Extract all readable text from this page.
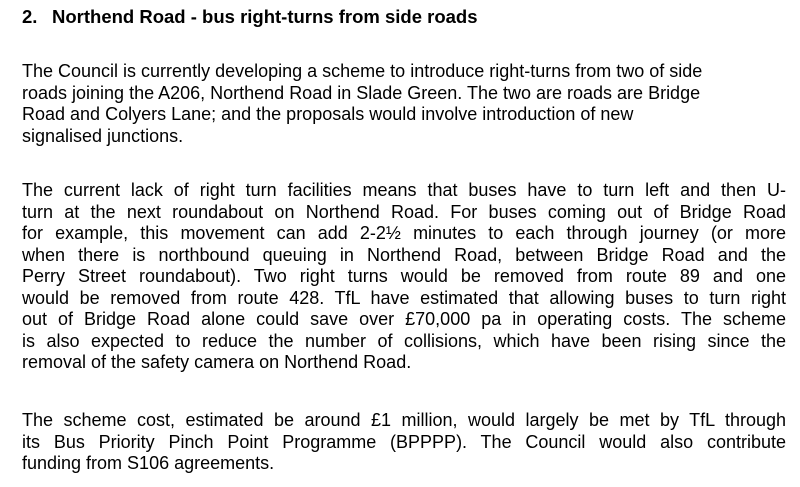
2. Northend Road - bus right-turns from side roads
The Council is currently developing a scheme to introduce right-turns from two of side
roads joining the A206, Northend Road in Slade Green. The two are roads are Bridge
Road and Colyers Lane; and the proposals would involve introduction of new
signalised junctions.
The current lack of right turn facilities means that buses have to turn left and then U-
turn at the next roundabout on Northend Road. For buses coming out of Bridge Road
for example, this movement can add 2-2½ minutes to each through journey (or more
when there is northbound queuing in Northend Road, between Bridge Road and the
Perry Street roundabout). Two right turns would be removed from route 89 and one
would be removed from route 428. TfL have estimated that allowing buses to turn right
out of Bridge Road alone could save over £70,000 pa in operating costs. The scheme
is also expected to reduce the number of collisions, which have been rising since the
removal of the safety camera on Northend Road.
The scheme cost, estimated be around £1 million, would largely be met by TfL through
its Bus Priority Pinch Point Programme (BPPPP). The Council would also contribute
funding from S106 agreements.
